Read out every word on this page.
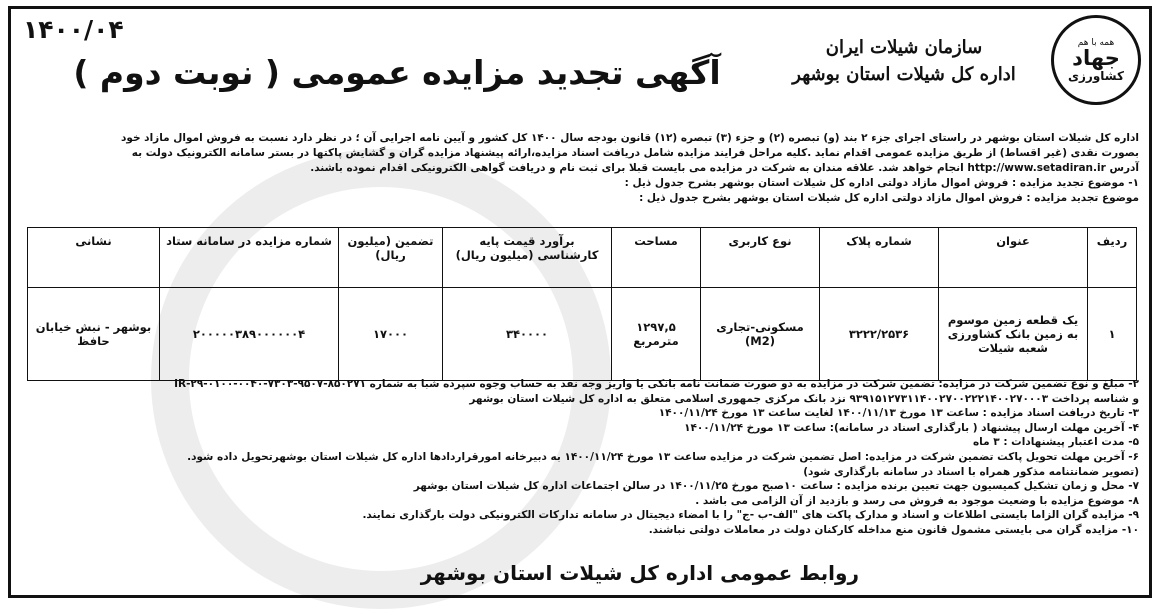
همه با هم
جهاد
کشاورزی
سازمان شیلات ایران
اداره کل شیلات استان بوشهر
آگهی تجدید مزایده عمومی ( نوبت دوم )
۱۴۰۰/۰۴

اداره کل شیلات استان بوشهر در راستای اجرای جزء ۲ بند (و) تبصره (۲) و جزء (۳) تبصره (۱۲) قانون بودجه سال ۱۴۰۰ کل کشور و آیین نامه اجرایی آن ؛ در نظر دارد نسبت به فروش اموال مازاد خود

بصورت نقدی (غیر اقساط) از طریق مزایده عمومی اقدام نماید .کلیه مراحل فرایند مزایده شامل دریافت اسناد مزایده،ارائه پیشنهاد مزایده گران و گشایش پاکتها در بستر سامانه الکترونیک دولت به

آدرس http://www.setadiran.ir انجام خواهد شد. علاقه مندان به شرکت در مزایده می بایست قبلا برای ثبت نام و دریافت گواهی الکترونیکی اقدام نموده باشند.

۱- موضوع تجدید مزایده : فروش اموال مازاد دولتی اداره کل شیلات استان بوشهر بشرح جدول ذیل :

موضوع تجدید مزایده : فروش اموال مازاد دولتی اداره کل شیلات استان بوشهر بشرح جدول ذیل :

ردیف	عنوان	شماره پلاک	نوع کاربری	مساحت	برآورد قیمت پایه کارشناسی (میلیون ریال)	تضمین (میلیون ریال)	شماره مزایده در سامانه ستاد	نشانی
۱	یک قطعه زمین موسوم به زمین بانک کشاورزی شعبه شیلات	۳۲۲۲/۲۵۳۶	مسکونی-تجاری (M2)	۱۲۹۷,۵ مترمربع	۳۴۰۰۰۰	۱۷۰۰۰	۲۰۰۰۰۰۳۸۹۰۰۰۰۰۰۴	بوشهر - نبش خیابان حافظ

۲- مبلغ و نوع تضمین شرکت در مزایده: تضمین شرکت در مزایده به دو صورت ضمانت نامه بانکی یا واریز وجه نقد به حساب وجوه سپرده شبا به شماره IR-۲۹-۰۱۰۰-۰۰۴۰-۷۳۰۳-۹۵۰۷-۸۵۰۲۷۱

و شناسه پرداخت ۹۳۹۱۵۱۲۷۳۱۱۴۰۰۲۷۰۰۲۲۲۱۴۰۰۲۷۰۰۰۳ نزد بانک مرکزی جمهوری اسلامی متعلق به اداره کل شیلات استان بوشهر

۳- تاریخ دریافت اسناد مزایده : ساعت ۱۳ مورخ ۱۴۰۰/۱۱/۱۳ لغایت ساعت ۱۳ مورخ ۱۴۰۰/۱۱/۲۴

۴- آخرین مهلت ارسال پیشنهاد ( بارگذاری اسناد در سامانه): ساعت ۱۳ مورخ ۱۴۰۰/۱۱/۲۴

۵- مدت اعتبار پیشنهادات : ۳ ماه

۶- آخرین مهلت تحویل پاکت تضمین شرکت در مزایده: اصل تضمین شرکت در مزایده ساعت ۱۳ مورخ ۱۴۰۰/۱۱/۲۴ به دبیرخانه امورقراردادها اداره کل شیلات استان بوشهرتحویل داده شود.

(تصویر ضمانتنامه مذکور همراه با اسناد در سامانه بارگذاری شود)

۷- محل و زمان تشکیل کمیسیون جهت تعیین برنده مزایده : ساعت ۱۰صبح مورخ ۱۴۰۰/۱۱/۲۵ در سالن اجتماعات اداره کل شیلات استان بوشهر

۸- موضوع مزایده با وضعیت موجود به فروش می رسد و بازدید از آن الزامی می باشد .

۹- مزایده گران الزاما بایستی اطلاعات و اسناد و مدارک پاکت های "الف-ب -ج" را با امضاء دیجیتال در سامانه تدارکات الکترونیکی دولت بارگذاری نمایند.

۱۰- مزایده گران می بایستی مشمول قانون منع مداخله کارکنان دولت در معاملات دولتی نباشند.

روابط عمومی اداره کل شیلات استان بوشهر
